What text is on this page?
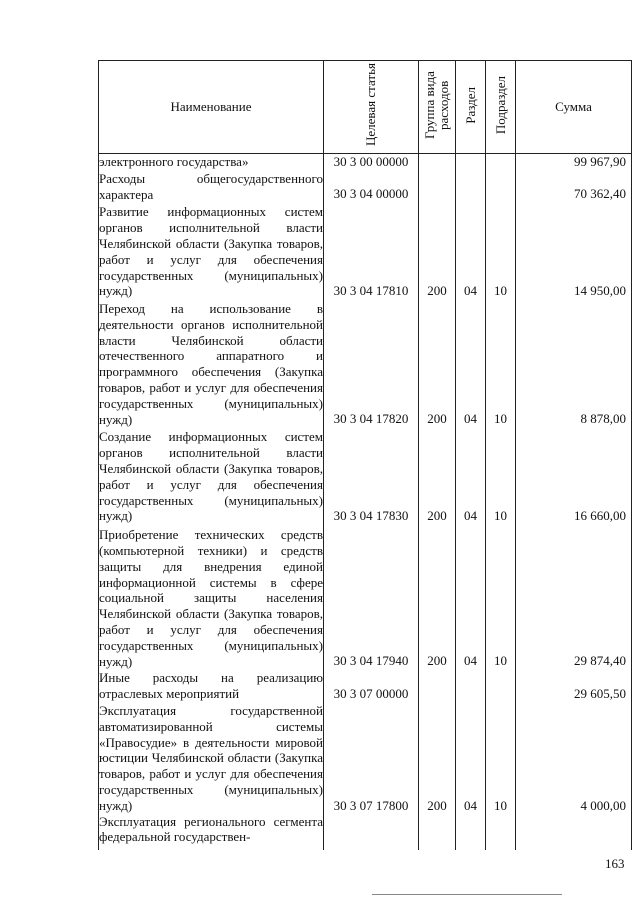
Наименование	Целевая статья	Группа вида расходов	Раздел	Подраздел	Сумма
электронного государства»	30 3 00 00000				99 967,90
Расходы общегосударственного характера	30 3 04 00000				70 362,40
Развитие информационных систем органов исполнительной власти Челябинской области (Закупка товаров, работ и услуг для обеспечения государственных (муниципальных) нужд)	30 3 04 17810	200	04	10	14 950,00
Переход на использование в деятельности органов исполнительной власти Челябинской области отечественного аппаратного и программного обеспечения (Закупка товаров, работ и услуг для обеспечения государственных (муниципальных) нужд)	30 3 04 17820	200	04	10	8 878,00
Создание информационных систем органов исполнительной власти Челябинской области (Закупка товаров, работ и услуг для обеспечения государственных (муниципальных) нужд)	30 3 04 17830	200	04	10	16 660,00
Приобретение технических средств (компьютерной техники) и средств защиты для внедрения единой информационной системы в сфере социальной защиты населения Челябинской области (Закупка товаров, работ и услуг для обеспечения государственных (муниципальных) нужд)	30 3 04 17940	200	04	10	29 874,40
Иные расходы на реализацию отраслевых мероприятий	30 3 07 00000				29 605,50
Эксплуатация государственной автоматизированной системы «Правосудие» в деятельности мировой юстиции Челябинской области (Закупка товаров, работ и услуг для обеспечения государственных (муниципальных) нужд)	30 3 07 17800	200	04	10	4 000,00
Эксплуатация регионального сегмента федеральной государствен-					
163
